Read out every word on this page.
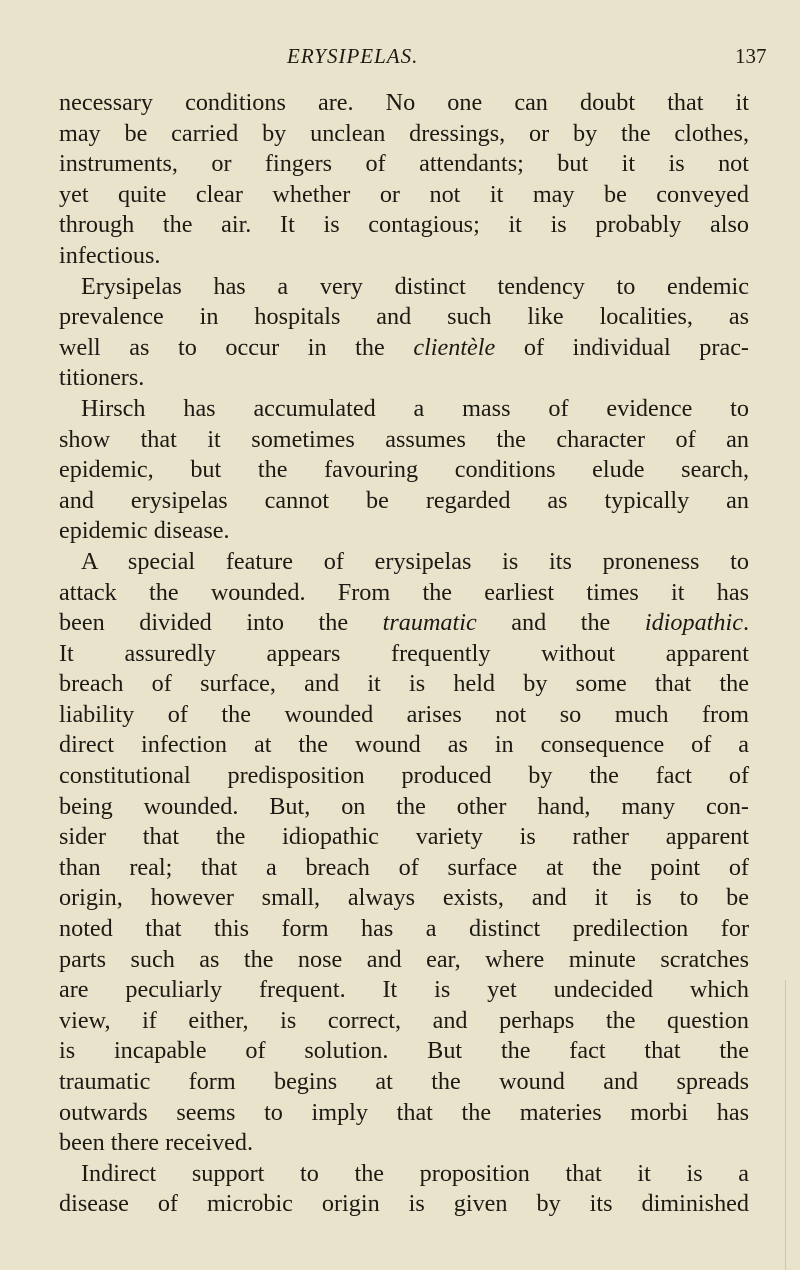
ERYSIPELAS.	137
necessary conditions are. No one can doubt that it
may be carried by unclean dressings, or by the clothes,
instruments, or fingers of attendants; but it is not
yet quite clear whether or not it may be conveyed
through the air. It is contagious; it is probably also
infectious.
Erysipelas has a very distinct tendency to endemic
prevalence in hospitals and such like localities, as
well as to occur in the clientèle of individual prac-
titioners.
Hirsch has accumulated a mass of evidence to
show that it sometimes assumes the character of an
epidemic, but the favouring conditions elude search,
and erysipelas cannot be regarded as typically an
epidemic disease.
A special feature of erysipelas is its proneness to
attack the wounded. From the earliest times it has
been divided into the traumatic and the idiopathic.
It assuredly appears frequently without apparent
breach of surface, and it is held by some that the
liability of the wounded arises not so much from
direct infection at the wound as in consequence of a
constitutional predisposition produced by the fact of
being wounded. But, on the other hand, many con-
sider that the idiopathic variety is rather apparent
than real; that a breach of surface at the point of
origin, however small, always exists, and it is to be
noted that this form has a distinct predilection for
parts such as the nose and ear, where minute scratches
are peculiarly frequent. It is yet undecided which
view, if either, is correct, and perhaps the question
is incapable of solution. But the fact that the
traumatic form begins at the wound and spreads
outwards seems to imply that the materies morbi has
been there received.
Indirect support to the proposition that it is a
disease of microbic origin is given by its diminished
